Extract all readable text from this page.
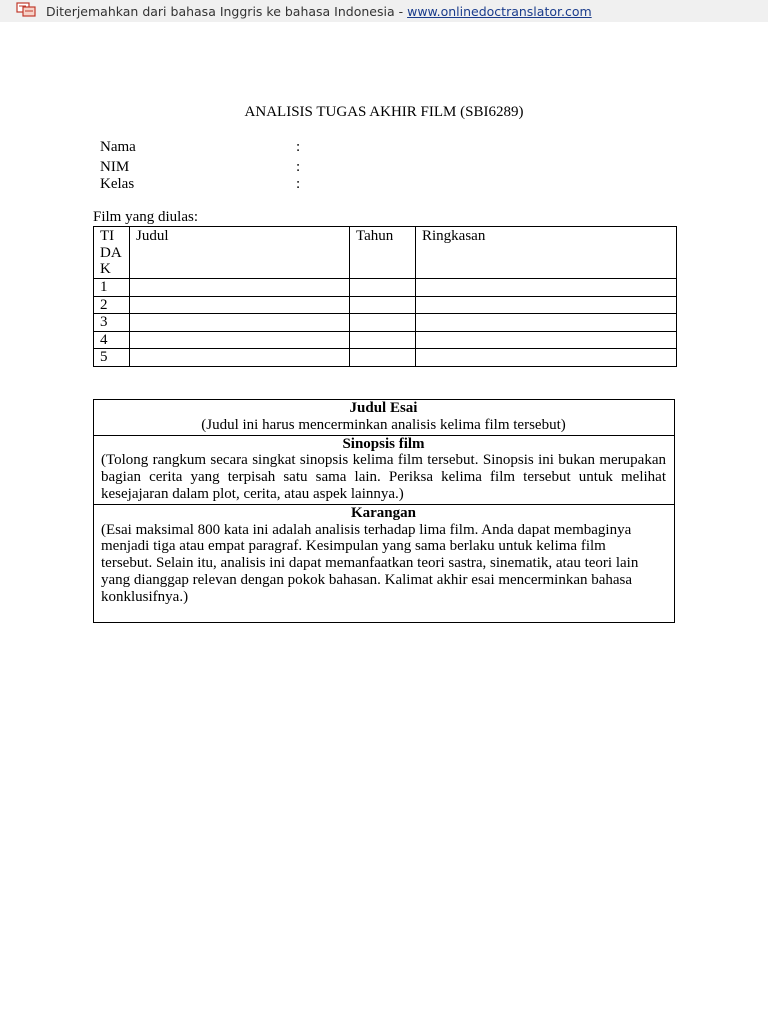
Diterjemahkan dari bahasa Inggris ke bahasa Indonesia - www.onlinedoctranslator.com
ANALISIS TUGAS AKHIR FILM (SBI6289)
Nama	:
NIM	:
Kelas	:
Film yang diulas:
TI
DA
K	Judul	Tahun	Ringkasan
1			
2			
3			
4			
5			
Judul Esai
(Judul ini harus mencerminkan analisis kelima film tersebut)

Sinopsis film
(Tolong rangkum secara singkat sinopsis kelima film tersebut. Sinopsis ini bukan merupakan bagian cerita yang terpisah satu sama lain. Periksa kelima film tersebut untuk melihat kesejajaran dalam plot, cerita, atau aspek lainnya.)

Karangan
(Esai maksimal 800 kata ini adalah analisis terhadap lima film. Anda dapat membaginya
menjadi tiga atau empat paragraf. Kesimpulan yang sama berlaku untuk kelima film
tersebut. Selain itu, analisis ini dapat memanfaatkan teori sastra, sinematik, atau teori lain
yang dianggap relevan dengan pokok bahasan. Kalimat akhir esai mencerminkan bahasa
konklusifnya.)
